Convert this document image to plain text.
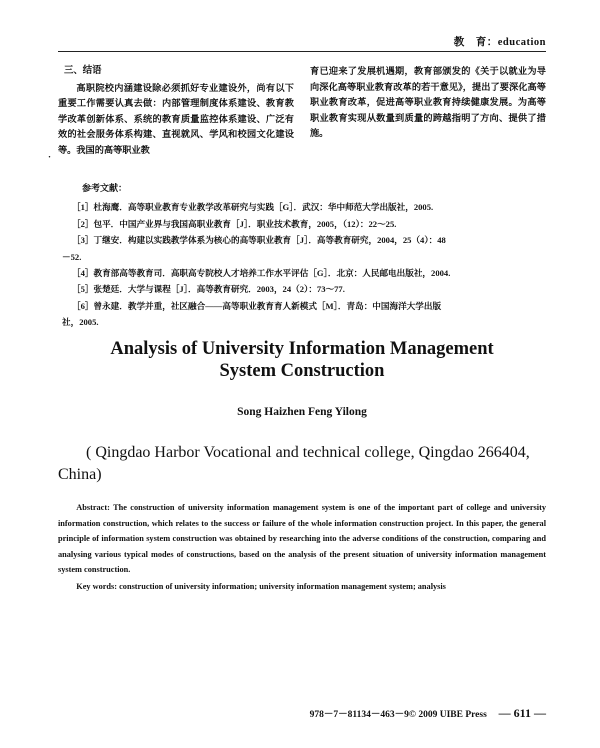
教　育：education

三、结语

高职院校内涵建设除必须抓好专业建设外，尚有以下重要工作需要认真去做：内部管理制度体系建设、教育教学改革创新体系、系统的教育质量监控体系建设、广泛有效的社会服务体系构建、直视就风、学风和校园文化建设等。我国的高等职业教

·

育已迎来了发展机遇期，教育部颁发的《关于以就业为导向深化高等职业教育改革的若干意见》，提出了要深化高等职业教育改革，促进高等职业教育持续健康发展。为高等职业教育实现从数量到质量的跨越指明了方向、提供了措施。

参考文献：

［1］杜海鹰．高等职业教育专业教学改革研究与实践［G］．武汉：华中师范大学出版社，2005.

［2］包平．中国产业界与我国高职业教育［J］．职业技术教育，2005，（12）：22～25.

［3］丁继安．构建以实践教学体系为核心的高等职业教育［J］．高等教育研究，2004，25（4）：48

－52.

［4］教育部高等教育司．高职高专院校人才培养工作水平评估［G］．北京：人民邮电出版社，2004.

［5］张楚廷．大学与课程［J］．高等教育研究．2003，24（2）：73～77.

［6］曾永建．教学并重，社区融合——高等职业教育育人新模式［M］．青岛：中国海洋大学出版

社，2005.

Analysis of University Information Management
System Construction
Song Haizhen Feng Yilong
( Qingdao Harbor Vocational and technical college, Qingdao 266404,
China)

Abstract: The construction of university information management system is one of the important part of college and university information construction, which relates to the success or failure of the whole information construction project. In this paper, the general principle of information system construction was obtained by researching into the adverse conditions of the construction, comparing and analysing various typical modes of constructions, based on the analysis of the present situation of university information management system construction.

Key words: construction of university information; university information management system; analysis

978－7－81134－463－9© 2009 UIBE Press — 611 —
